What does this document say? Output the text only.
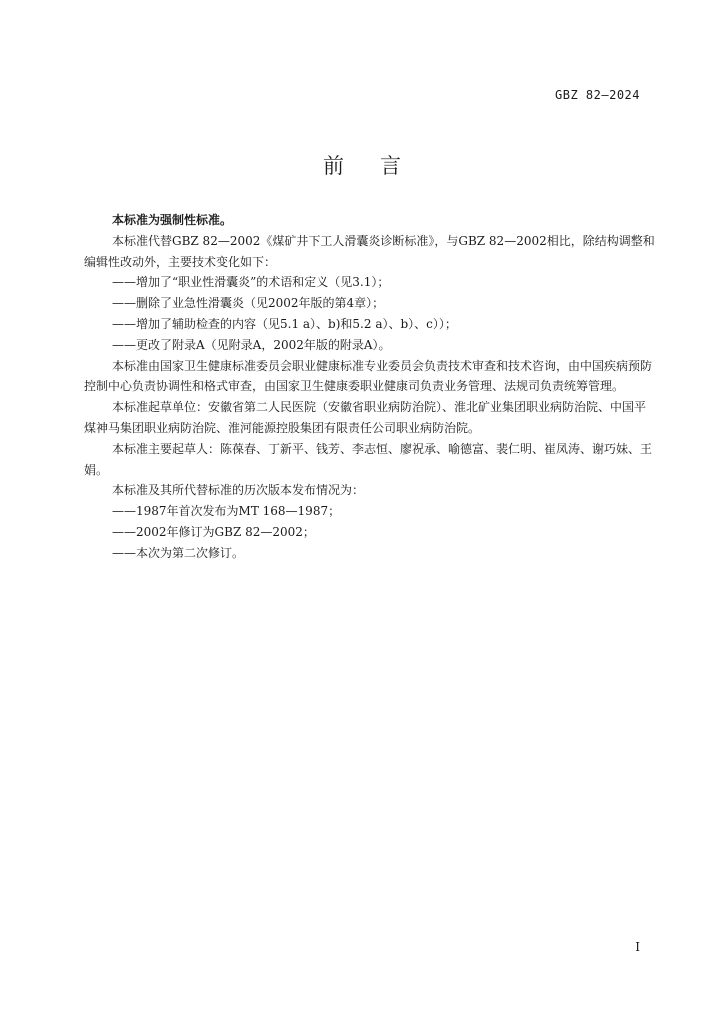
GBZ 82—2024
前言

本标准为强制性标准。

本标准代替GBZ 82—2002《煤矿井下工人滑囊炎诊断标准》，与GBZ 82—2002相比，除结构调整和编辑性改动外，主要技术变化如下：

——增加了“职业性滑囊炎”的术语和定义（见3.1）；

——删除了业急性滑囊炎（见2002年版的第4章）；

——增加了辅助检查的内容（见5.1 a）、b)和5.2 a）、b）、c））；

——更改了附录A（见附录A，2002年版的附录A）。

本标准由国家卫生健康标准委员会职业健康标准专业委员会负责技术审查和技术咨询，由中国疾病预防控制中心负责协调性和格式审查，由国家卫生健康委职业健康司负责业务管理、法规司负责统筹管理。

本标准起草单位：安徽省第二人民医院（安徽省职业病防治院）、淮北矿业集团职业病防治院、中国平煤神马集团职业病防治院、淮河能源控股集团有限责任公司职业病防治院。

本标准主要起草人：陈葆春、丁新平、钱芳、李志恒、廖祝承、喻德富、裴仁明、崔凤涛、谢巧妹、王娟。

本标准及其所代替标准的历次版本发布情况为：

——1987年首次发布为MT 168—1987；

——2002年修订为GBZ 82—2002；

——本次为第二次修订。

I
